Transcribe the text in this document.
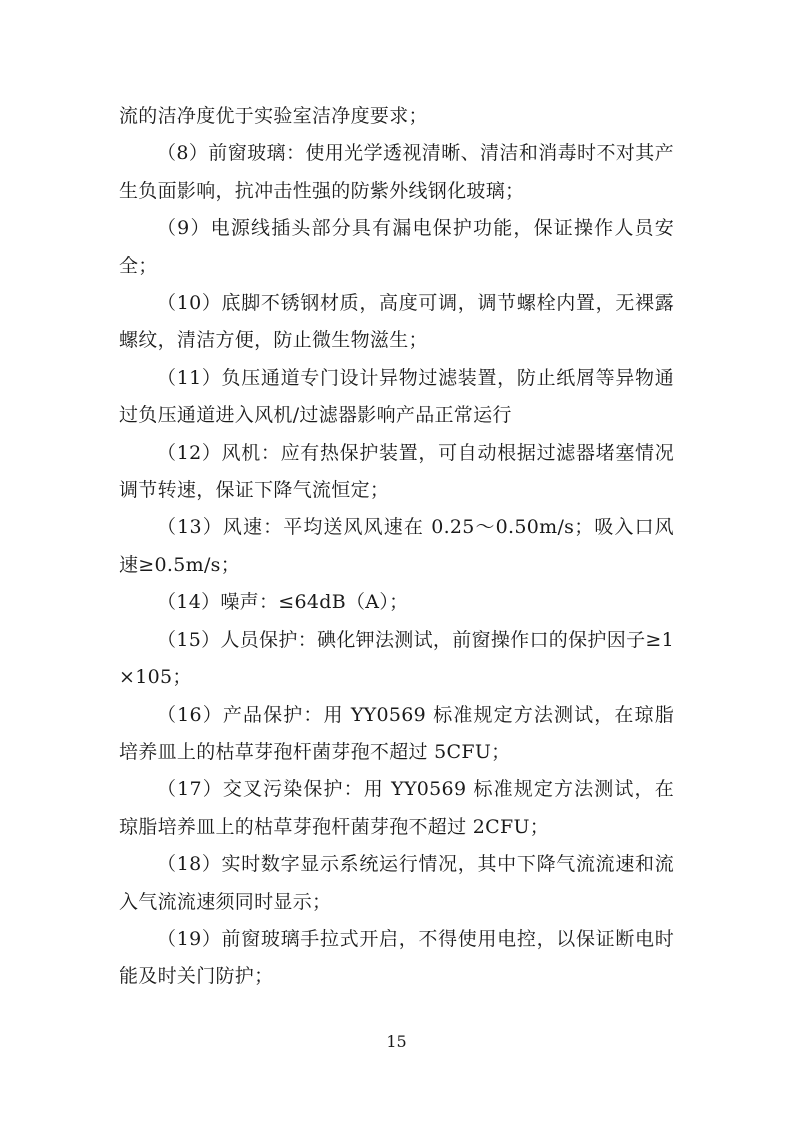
流的洁净度优于实验室洁净度要求；

（8）前窗玻璃：使用光学透视清晰、清洁和消毒时不对其产生负面影响，抗冲击性强的防紫外线钢化玻璃；

（9）电源线插头部分具有漏电保护功能，保证操作人员安全；

（10）底脚不锈钢材质，高度可调，调节螺栓内置，无裸露螺纹，清洁方便，防止微生物滋生；

（11）负压通道专门设计异物过滤装置，防止纸屑等异物通过负压通道进入风机/过滤器影响产品正常运行

（12）风机：应有热保护装置，可自动根据过滤器堵塞情况调节转速，保证下降气流恒定；

（13）风速：平均送风风速在 0.25～0.50m/s；吸入口风速≥0.5m/s；

（14）噪声：≤64dB（A）；

（15）人员保护：碘化钾法测试，前窗操作口的保护因子≥1×105；

（16）产品保护：用 YY0569 标准规定方法测试，在琼脂培养皿上的枯草芽孢杆菌芽孢不超过 5CFU；

（17）交叉污染保护：用 YY0569 标准规定方法测试，在琼脂培养皿上的枯草芽孢杆菌芽孢不超过 2CFU；

（18）实时数字显示系统运行情况，其中下降气流流速和流入气流流速须同时显示；

（19）前窗玻璃手拉式开启，不得使用电控，以保证断电时能及时关门防护；

15
